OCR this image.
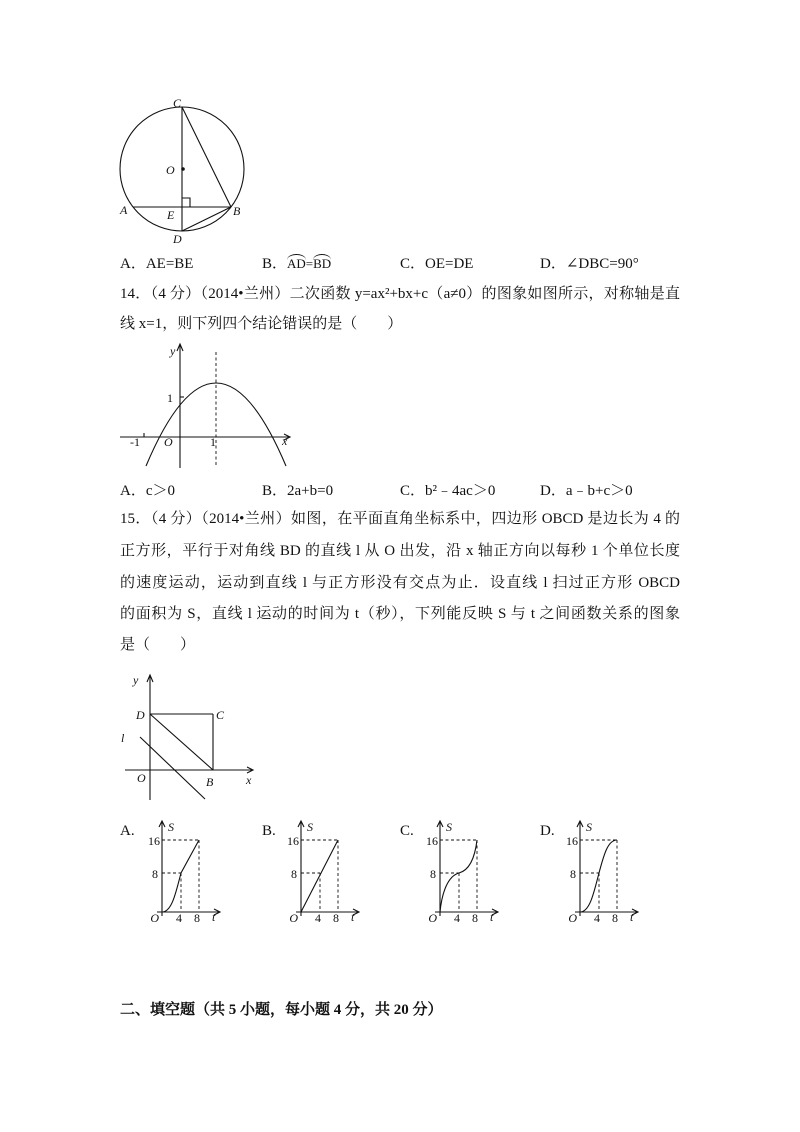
C
O
A	E	B
D
A．AE=BE	B．AD=BD	C．OE=DE	D．∠DBC=90°
14．（4 分）（2014•兰州）二次函数 y=ax²+bx+c（a≠0）的图象如图所示，对称轴是直
线 x=1，则下列四个结论错误的是（　　）
y
1
-1 O	1	x
A．c＞0	B．2a+b=0	C．b²﹣4ac＞0	D．a﹣b+c＞0
15．（4 分）（2014•兰州）如图，在平面直角坐标系中，四边形 OBCD 是边长为 4 的
正方形，平行于对角线 BD 的直线 l 从 O 出发，沿 x 轴正方向以每秒 1 个单位长度
的速度运动，运动到直线 l 与正方形没有交点为止．设直线 l 扫过正方形 OBCD
的面积为 S，直线 l 运动的时间为 t（秒），下列能反映 S 与 t 之间函数关系的图象
是（　　）
y
D	C
l
O	B	x
A.	B.	C.	D.
S
16
8
O 4 8 t
S
16
8
O 4 8 t
S
16
8
O 4 8 t
S
16
8
O 4 8 t
二、填空题（共 5 小题，每小题 4 分，共 20 分）
